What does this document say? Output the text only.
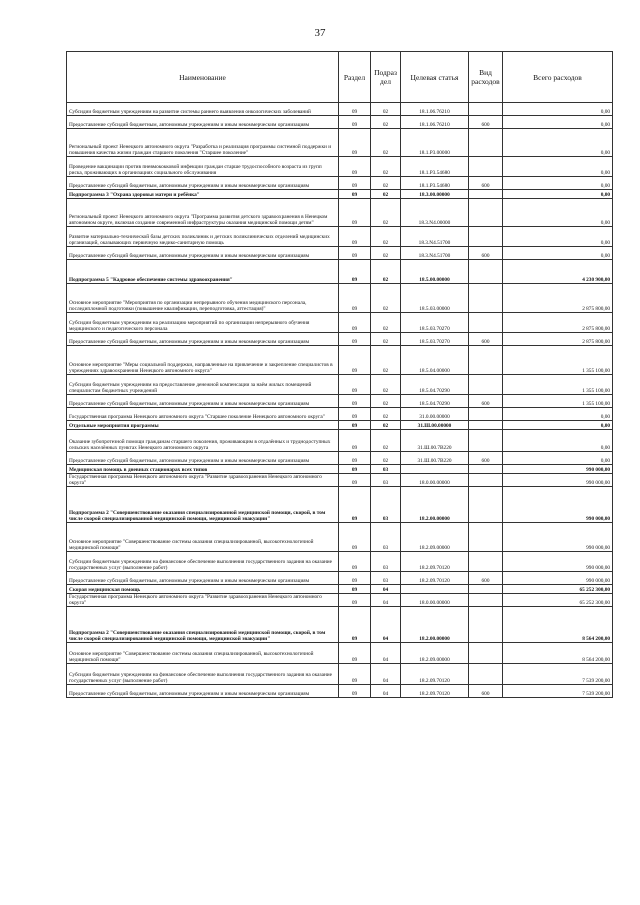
37
Наименование	Раздел	Подраз дел	Целевая статья	Вид расходов	Всего расходов
Субсидии бюджетным учреждениям на развитие системы раннего выявления онкологических заболеваний	09	02	18.1.06.76210		0,00
Предоставление субсидий бюджетным, автономным учреждениям и иным некоммерческим организациям	09	02	18.1.06.76210	600	0,00
Региональный проект Ненецкого автономного округа "Разработка и реализация программы системной поддержки и повышения качества жизни граждан старшего поколения "Старшее поколение"	09	02	18.1.P3.00000		0,00
Проведение вакцинации против пневмококковой инфекции граждан старше трудоспособного возраста из групп риска, проживающих в организациях социального обслуживания	09	02	18.1.P3.54680		0,00
Предоставление субсидий бюджетным, автономным учреждениям и иным некоммерческим организациям	09	02	18.1.P3.54680	600	0,00
Подпрограмма 3 "Охрана здоровья матери и ребёнка"	09	02	18.3.00.00000		0,00
Региональный проект Ненецкого автономного округа "Программа развития детского здравоохранения в Ненецком автономном округе, включая создание современной инфраструктуры оказания медицинской помощи детям"	09	02	18.3.N4.00000		0,00
Развитие материально-технической базы детских поликлиник и детских поликлинических отделений медицинских организаций, оказывающих первичную медико-санитарную помощь	09	02	18.3.N4.51700		0,00
Предоставление субсидий бюджетным, автономным учреждениям и иным некоммерческим организациям	09	02	18.3.N4.51700	600	0,00
Подпрограмма 5 "Кадровое обеспечение системы здравоохранения"	09	02	18.5.00.00000		4 230 900,00
Основное мероприятие "Мероприятия по организации непрерывного обучения медицинского персонала, последипломной подготовки (повышение квалификации, переподготовка, аттестация)"	09	02	18.5.03.00000		2 875 800,00
Субсидии бюджетным учреждениям на реализацию мероприятий по организации непрерывного обучения медицинского и педагогического персонала	09	02	18.5.03.70270		2 875 800,00
Предоставление субсидий бюджетным, автономным учреждениям и иным некоммерческим организациям	09	02	18.5.03.70270	600	2 875 800,00
Основное мероприятие "Меры социальной поддержки, направленные на привлечение и закрепление специалистов в учреждениях здравоохранения Ненецкого автономного округа"	09	02	18.5.04.00000		1 355 100,00
Субсидии бюджетным учреждениям на предоставление денежной компенсации за наём жилых помещений специалистам бюджетных учреждений	09	02	18.5.04.70290		1 355 100,00
Предоставление субсидий бюджетным, автономным учреждениям и иным некоммерческим организациям	09	02	18.5.04.70290	600	1 355 100,00
Государственная программа Ненецкого автономного округа "Старшее поколение Ненецкого автономного округа"	09	02	31.0.00.00000		0,00
Отдельные мероприятия программы	09	02	31.Ш.00.00000		0,00
Оказание зубопротезной помощи гражданам старшего поколения, проживающим в отдалённых и труднодоступных сельских населённых пунктах Ненецкого автономного округа	09	02	31.Ш.00.7В220		0,00
Предоставление субсидий бюджетным, автономным учреждениям и иным некоммерческим организациям	09	02	31.Ш.00.7В220	600	0,00
Медицинская помощь в дневных стационарах всех типов	09	03			990 000,00
Государственная программа Ненецкого автономного округа "Развитие здравоохранения Ненецкого автономного округа"	09	03	18.0.00.00000		990 000,00
Подпрограмма 2 "Совершенствование оказания специализированной медицинской помощи, скорой, в том числе скорой специализированной медицинской помощи, медицинской эвакуации"	09	03	18.2.00.00000		990 000,00
Основное мероприятие "Совершенствование системы оказания специализированной, высокотехнологичной медицинской помощи"	09	03	18.2.09.00000		990 000,00
Субсидии бюджетным учреждениям на финансовое обеспечение выполнения государственного задания на оказание государственных услуг (выполнение работ)	09	03	18.2.09.70120		990 000,00
Предоставление субсидий бюджетным, автономным учреждениям и иным некоммерческим организациям	09	03	18.2.09.70120	600	990 000,00
Скорая медицинская помощь	09	04			65 252 300,00
Государственная программа Ненецкого автономного округа "Развитие здравоохранения Ненецкого автономного округа"	09	04	18.0.00.00000		65 252 300,00
Подпрограмма 2 "Совершенствование оказания специализированной медицинской помощи, скорой, в том числе скорой специализированной медицинской помощи, медицинской эвакуации"	09	04	18.2.00.00000		8 564 200,00
Основное мероприятие "Совершенствование системы оказания специализированной, высокотехнологичной медицинской помощи"	09	04	18.2.09.00000		8 564 200,00
Субсидии бюджетным учреждениям на финансовое обеспечение выполнения государственного задания на оказание государственных услуг (выполнение работ)	09	04	18.2.09.70120		7 539 200,00
Предоставление субсидий бюджетным, автономным учреждениям и иным некоммерческим организациям	09	04	18.2.09.70120	600	7 539 200,00
